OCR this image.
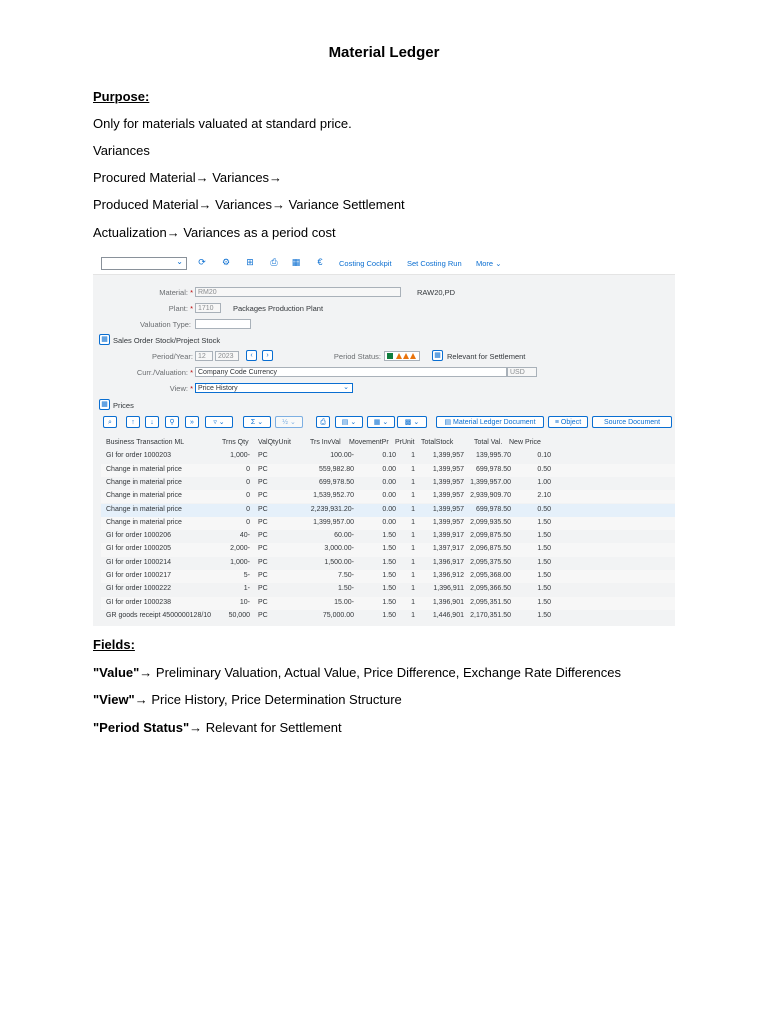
Material Ledger
Purpose:
Only for materials valuated at standard price.
Variances
Procured Material→ Variances→
Produced Material→ Variances→ Variance Settlement
Actualization→ Variances as a period cost
⌄ ⟳ ⚙ ⊞ ⎙ ▦ €	Costing Cockpit Set Costing Run More ⌄
Material: * RM20	RAW20,PD
Plant: * 1710	Packages Production Plant
Valuation Type:
▦ Sales Order Stock/Project Stock
Period/Year: 12	2023	‹	›	Period Status:	▦ Relevant for Settlement
Curr./Valuation: * Company Code Currency	USD
View: * Price History	⌄
▦ Prices
⌕	↑	↓	⚲	»	▿ ⌄	Σ ⌄	½ ⌄	⎙	▤ ⌄	▦ ⌄	▩ ⌄	▤ Material Ledger Document	≡ Object	Source Document
Business Transaction ML	Trns Qty ValQtyUnit	Trs InvVal MovementPr PrUnit TotalStock	Total Val. New Price
GI for order 1000203	1,000- PC	100.00-	0.10	1	1,399,957	139,995.70	0.10
Change in material price	0 PC	559,982.80	0.00	1	1,399,957	699,978.50	0.50
Change in material price	0 PC	699,978.50	0.00	1	1,399,957 1,399,957.00	1.00
Change in material price	0 PC	1,539,952.70	0.00	1	1,399,957 2,939,909.70	2.10
Change in material price	0 PC	2,239,931.20-	0.00	1	1,399,957	699,978.50	0.50
Change in material price	0 PC	1,399,957.00	0.00	1	1,399,957 2,099,935.50	1.50
GI for order 1000206	40- PC	60.00-	1.50	1	1,399,917 2,099,875.50	1.50
GI for order 1000205	2,000- PC	3,000.00-	1.50	1	1,397,917 2,096,875.50	1.50
GI for order 1000214	1,000- PC	1,500.00-	1.50	1	1,396,917 2,095,375.50	1.50
GI for order 1000217	5- PC	7.50-	1.50	1	1,396,912 2,095,368.00	1.50
GI for order 1000222	1- PC	1.50-	1.50	1	1,396,911 2,095,366.50	1.50
GI for order 1000238	10- PC	15.00-	1.50	1	1,396,901 2,095,351.50	1.50
GR goods receipt 4500000128/10	50,000 PC	75,000.00	1.50	1	1,446,901 2,170,351.50	1.50
Fields:
"Value"→ Preliminary Valuation, Actual Value, Price Difference, Exchange Rate Differences
"View"→ Price History, Price Determination Structure
"Period Status"→ Relevant for Settlement
